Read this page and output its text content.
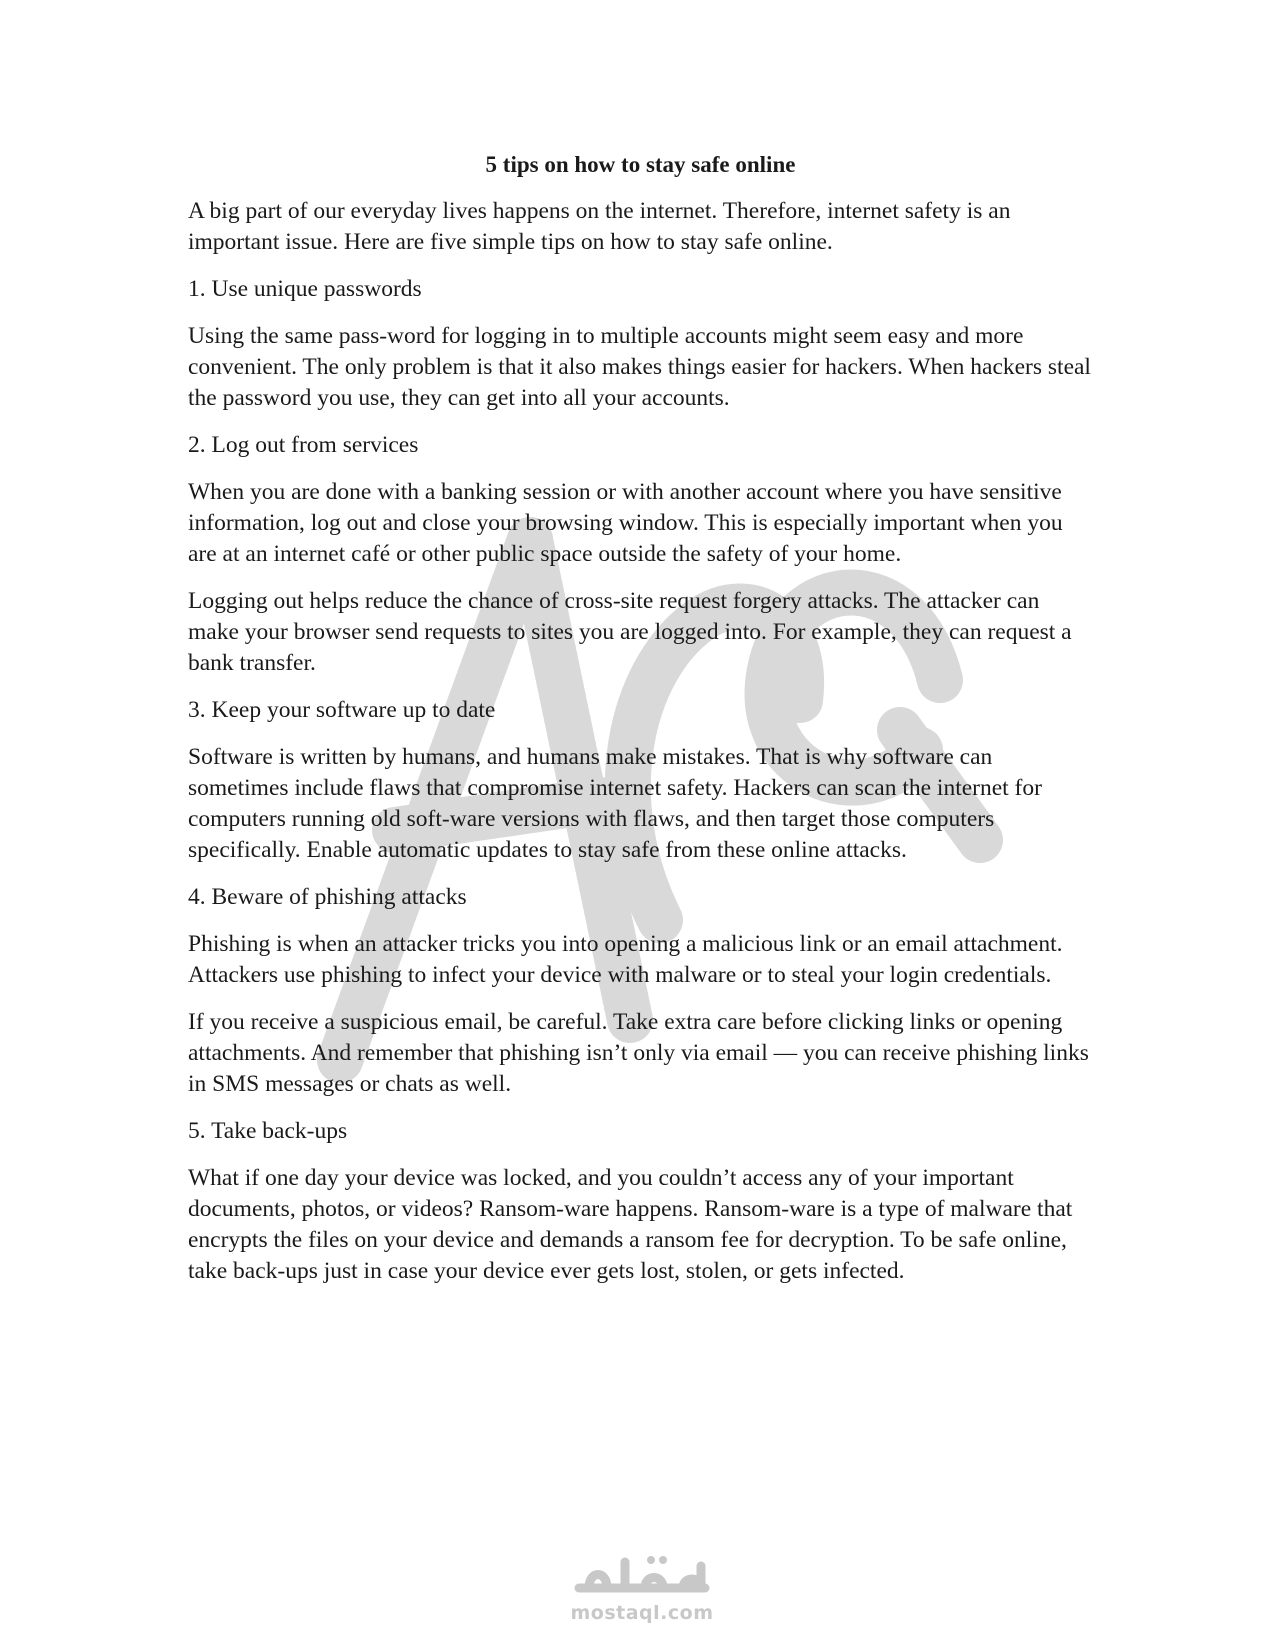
5 tips on how to stay safe online

A big part of our everyday lives happens on the internet. Therefore, internet safety is an important issue. Here are five simple tips on how to stay safe online.

1. Use unique passwords

Using the same pass-word for logging in to multiple accounts might seem easy and more convenient. The only problem is that it also makes things easier for hackers. When hackers steal the password you use, they can get into all your accounts.

2. Log out from services

When you are done with a banking session or with another account where you have sensitive information, log out and close your browsing window. This is especially important when you are at an internet café or other public space outside the safety of your home.

Logging out helps reduce the chance of cross-site request forgery attacks. The attacker can make your browser send requests to sites you are logged into. For example, they can request a bank transfer.

3. Keep your software up to date

Software is written by humans, and humans make mistakes. That is why software can sometimes include flaws that compromise internet safety. Hackers can scan the internet for computers running old soft-ware versions with flaws, and then target those computers specifically. Enable automatic updates to stay safe from these online attacks.

4. Beware of phishing attacks

Phishing is when an attacker tricks you into opening a malicious link or an email attachment. Attackers use phishing to infect your device with malware or to steal your login credentials.

If you receive a suspicious email, be careful. Take extra care before clicking links or opening attachments. And remember that phishing isn’t only via email — you can receive phishing links in SMS messages or chats as well.

5. Take back-ups

What if one day your device was locked, and you couldn’t access any of your important documents, photos, or videos? Ransom-ware happens. Ransom-ware is a type of malware that encrypts the files on your device and demands a ransom fee for decryption. To be safe online, take back-ups just in case your device ever gets lost, stolen, or gets infected.

mostaql.com
